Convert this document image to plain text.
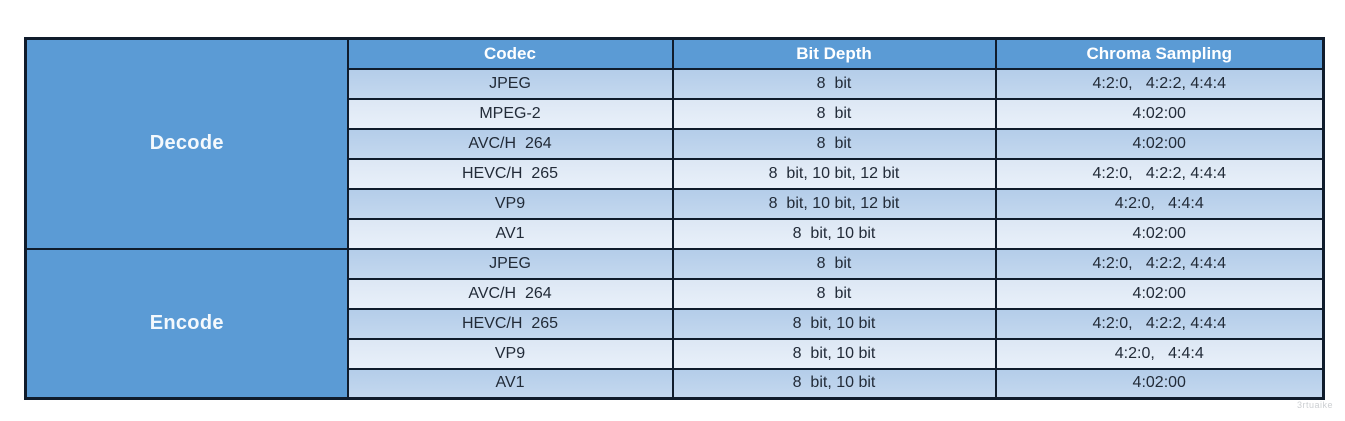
Decode	Codec	Bit Depth	Chroma Sampling
	JPEG	8  bit	4:2:0,   4:2:2, 4:4:4
	MPEG-2	8  bit	4:02:00
	AVC/H  264	8  bit	4:02:00
	HEVC/H  265	8  bit, 10 bit, 12 bit	4:2:0,   4:2:2, 4:4:4
	VP9	8  bit, 10 bit, 12 bit	4:2:0,   4:4:4
	AV1	8  bit, 10 bit	4:02:00
Encode	JPEG	8  bit	4:2:0,   4:2:2, 4:4:4
	AVC/H  264	8  bit	4:02:00
	HEVC/H  265	8  bit, 10 bit	4:2:0,   4:2:2, 4:4:4
	VP9	8  bit, 10 bit	4:2:0,   4:4:4
	AV1	8  bit, 10 bit	4:02:00
3rtuaike
